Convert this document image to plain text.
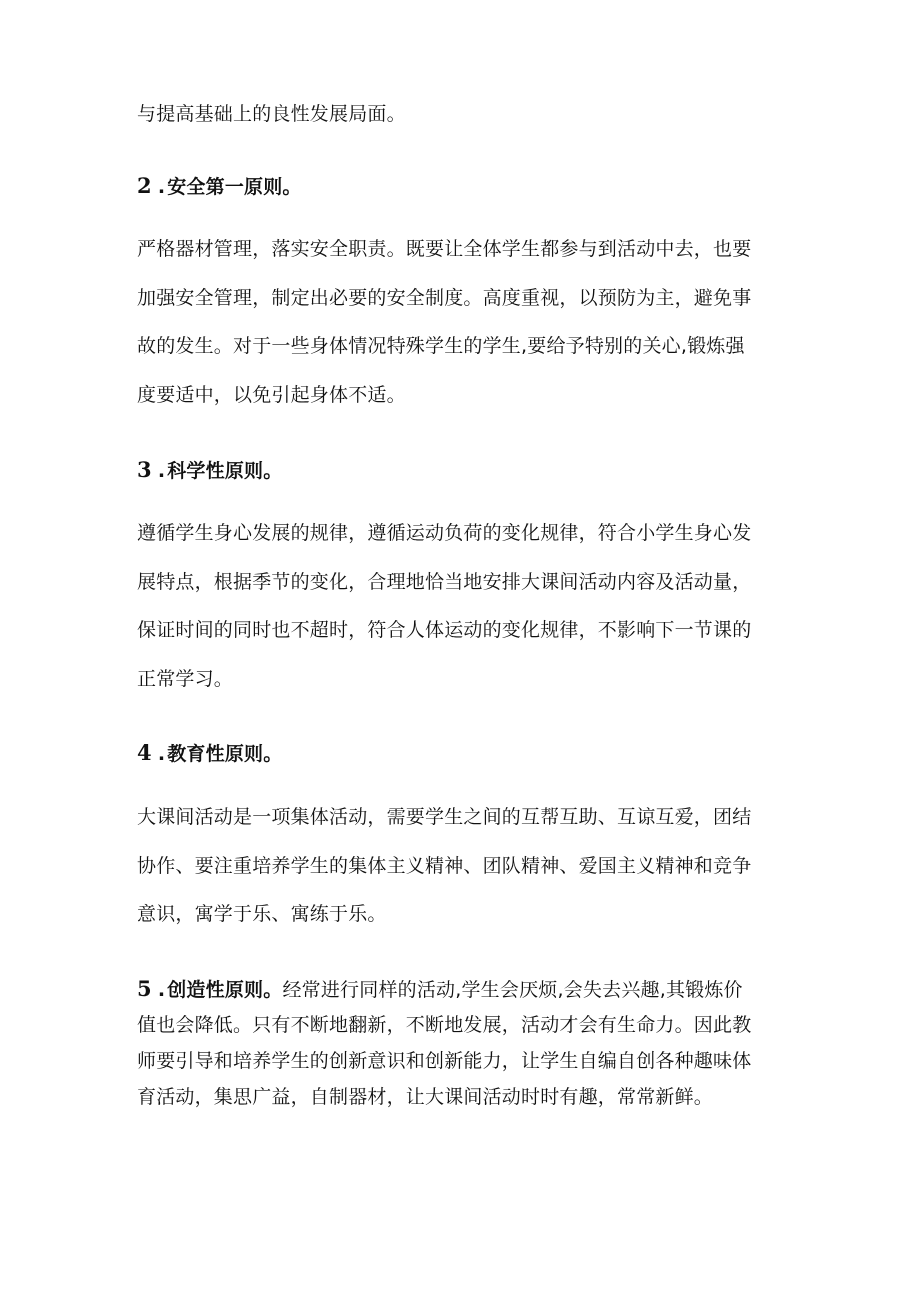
与提高基础上的良性发展局面。
2 . 安全第一原则。
严格器材管理，落实安全职责。既要让全体学生都参与到活动中去，也要
加强安全管理，制定出必要的安全制度。高度重视，以预防为主，避免事
故的发生。对于一些身体情况特殊学生的学生,要给予特别的关心,锻炼强
度要适中，以免引起身体不适。
3 . 科学性原则。
遵循学生身心发展的规律，遵循运动负荷的变化规律，符合小学生身心发
展特点，根据季节的变化，合理地恰当地安排大课间活动内容及活动量，
保证时间的同时也不超时，符合人体运动的变化规律，不影响下一节课的
正常学习。
4 . 教育性原则。
大课间活动是一项集体活动，需要学生之间的互帮互助、互谅互爱，团结
协作、要注重培养学生的集体主义精神、团队精神、爱国主义精神和竞争
意识，寓学于乐、寓练于乐。
5 . 创造性原则。经常进行同样的活动,学生会厌烦,会失去兴趣,其锻炼价
值也会降低。只有不断地翻新，不断地发展，活动才会有生命力。因此教
师要引导和培养学生的创新意识和创新能力，让学生自编自创各种趣味体
育活动，集思广益，自制器材，让大课间活动时时有趣，常常新鲜。
